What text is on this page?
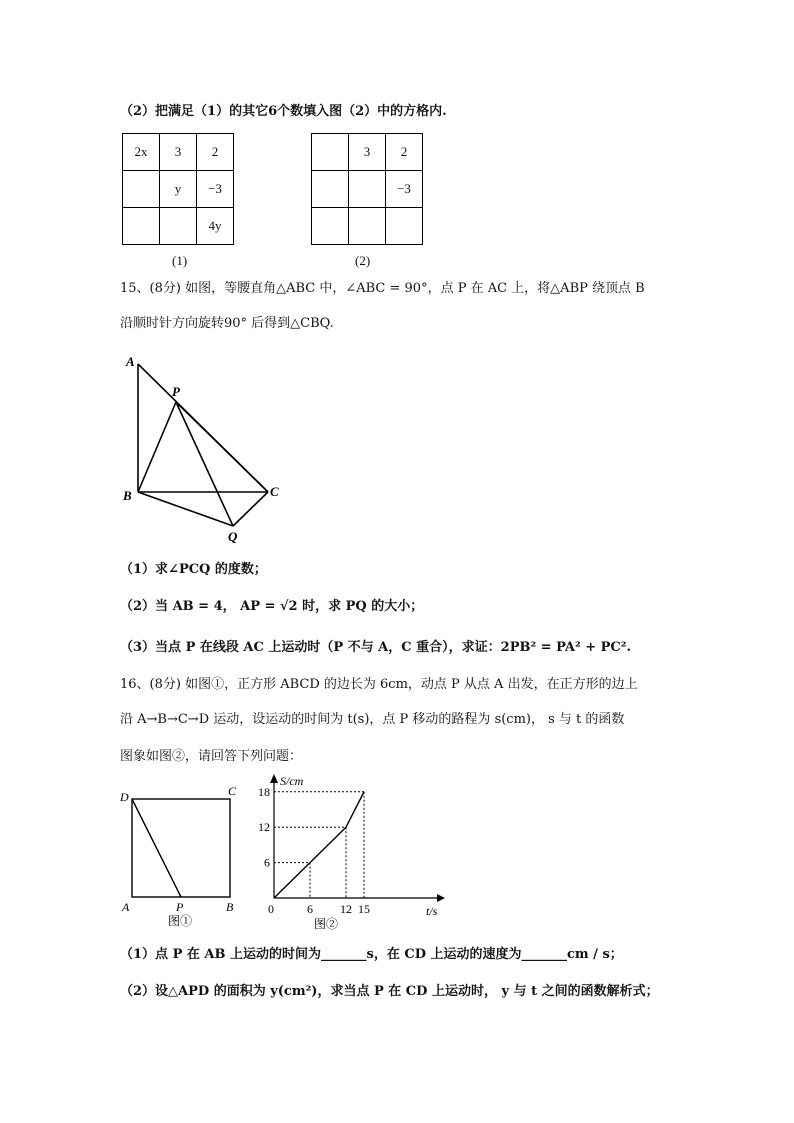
（2）把满足（1）的其它6个数填入图（2）中的方格内.
2x	3	2
	y	−3
		4y
(1)
	3	2
		−3

(2)
15、(8分) 如图，等腰直角△ABC 中，∠ABC = 90°，点 P 在 AC 上，将△ABP 绕顶点 B
沿顺时针方向旋转90° 后得到△CBQ.
A
P
B	C
Q
（1）求∠PCQ 的度数；
（2）当 AB = 4， AP = √2 时，求 PQ 的大小；
（3）当点 P 在线段 AC 上运动时（P 不与 A，C 重合），求证：2PB² = PA² + PC².
16、(8分) 如图①，正方形 ABCD 的边长为 6cm，动点 P 从点 A 出发，在正方形的边上
沿 A→B→C→D 运动，设运动的时间为 t(s)，点 P 移动的路程为 s(cm)， s 与 t 的函数
图象如图②，请回答下列问题：
D	C
A	P	B
图①
S/cm
t/s
0
6
12
18
6 12 15
图②
（1）点 P 在 AB 上运动的时间为_______s，在 CD 上运动的速度为_______cm / s；
（2）设△APD 的面积为 y(cm²)，求当点 P 在 CD 上运动时， y 与 t 之间的函数解析式；
